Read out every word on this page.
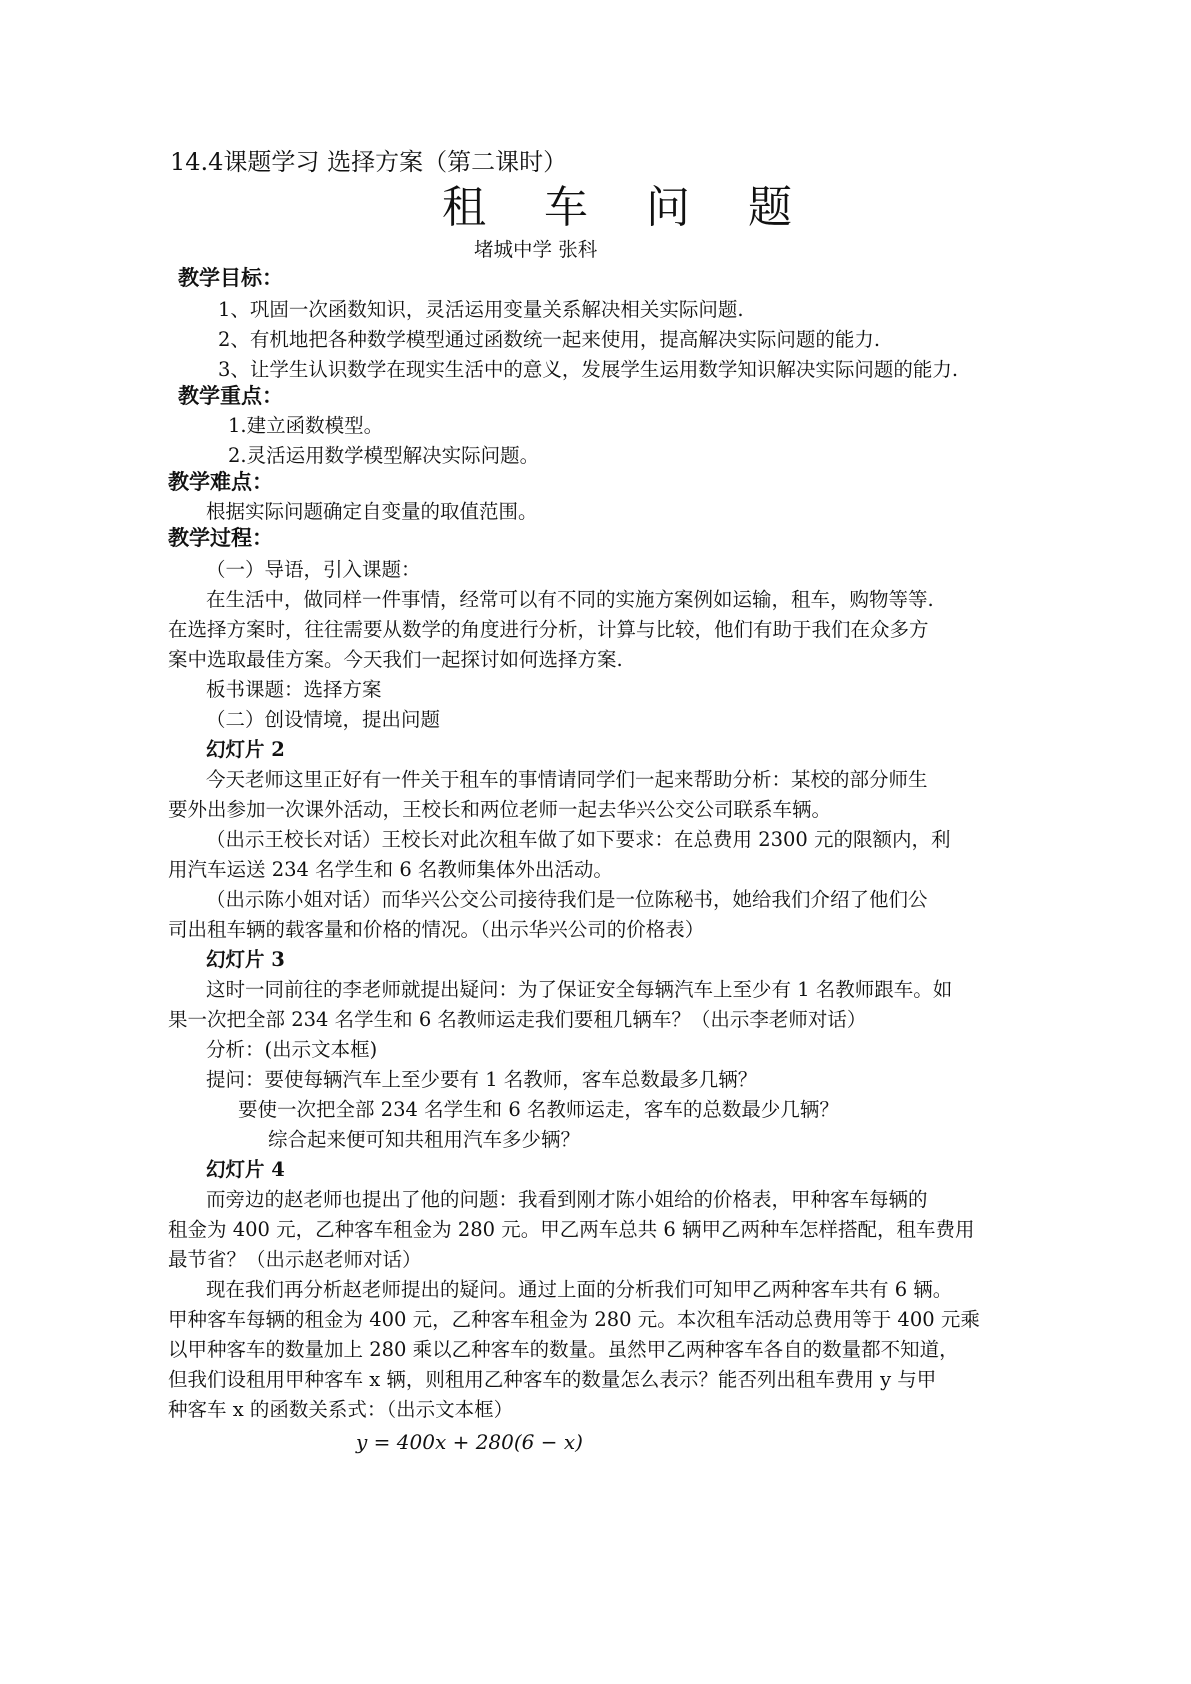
14.4课题学习 选择方案（第二课时）
租 车 问 题
堵城中学 张科
教学目标：
1、巩固一次函数知识，灵活运用变量关系解决相关实际问题.
2、有机地把各种数学模型通过函数统一起来使用，提高解决实际问题的能力.
3、让学生认识数学在现实生活中的意义，发展学生运用数学知识解决实际问题的能力.
教学重点：
1.建立函数模型。
2.灵活运用数学模型解决实际问题。
教学难点：
根据实际问题确定自变量的取值范围。
教学过程：
（一）导语，引入课题：
在生活中，做同样一件事情，经常可以有不同的实施方案例如运输，租车，购物等等.
在选择方案时，往往需要从数学的角度进行分析，计算与比较，他们有助于我们在众多方
案中选取最佳方案。今天我们一起探讨如何选择方案.
板书课题：选择方案
（二）创设情境，提出问题
幻灯片 2
今天老师这里正好有一件关于租车的事情请同学们一起来帮助分析：某校的部分师生
要外出参加一次课外活动，王校长和两位老师一起去华兴公交公司联系车辆。
（出示王校长对话）王校长对此次租车做了如下要求：在总费用 2300 元的限额内，利
用汽车运送 234 名学生和 6 名教师集体外出活动。
（出示陈小姐对话）而华兴公交公司接待我们是一位陈秘书，她给我们介绍了他们公
司出租车辆的载客量和价格的情况。（出示华兴公司的价格表）
幻灯片 3
这时一同前往的李老师就提出疑问：为了保证安全每辆汽车上至少有 1 名教师跟车。如
果一次把全部 234 名学生和 6 名教师运走我们要租几辆车？（出示李老师对话）
分析：(出示文本框)
提问：要使每辆汽车上至少要有 1 名教师，客车总数最多几辆？
要使一次把全部 234 名学生和 6 名教师运走，客车的总数最少几辆？
综合起来便可知共租用汽车多少辆？
幻灯片 4
而旁边的赵老师也提出了他的问题：我看到刚才陈小姐给的价格表，甲种客车每辆的
租金为 400 元，乙种客车租金为 280 元。甲乙两车总共 6 辆甲乙两种车怎样搭配，租车费用
最节省？（出示赵老师对话）
现在我们再分析赵老师提出的疑问。通过上面的分析我们可知甲乙两种客车共有 6 辆。
甲种客车每辆的租金为 400 元，乙种客车租金为 280 元。本次租车活动总费用等于 400 元乘
以甲种客车的数量加上 280 乘以乙种客车的数量。虽然甲乙两种客车各自的数量都不知道，
但我们设租用甲种客车 x 辆，则租用乙种客车的数量怎么表示？能否列出租车费用 y 与甲
种客车 x 的函数关系式：（出示文本框）
y = 400x + 280(6 − x)
